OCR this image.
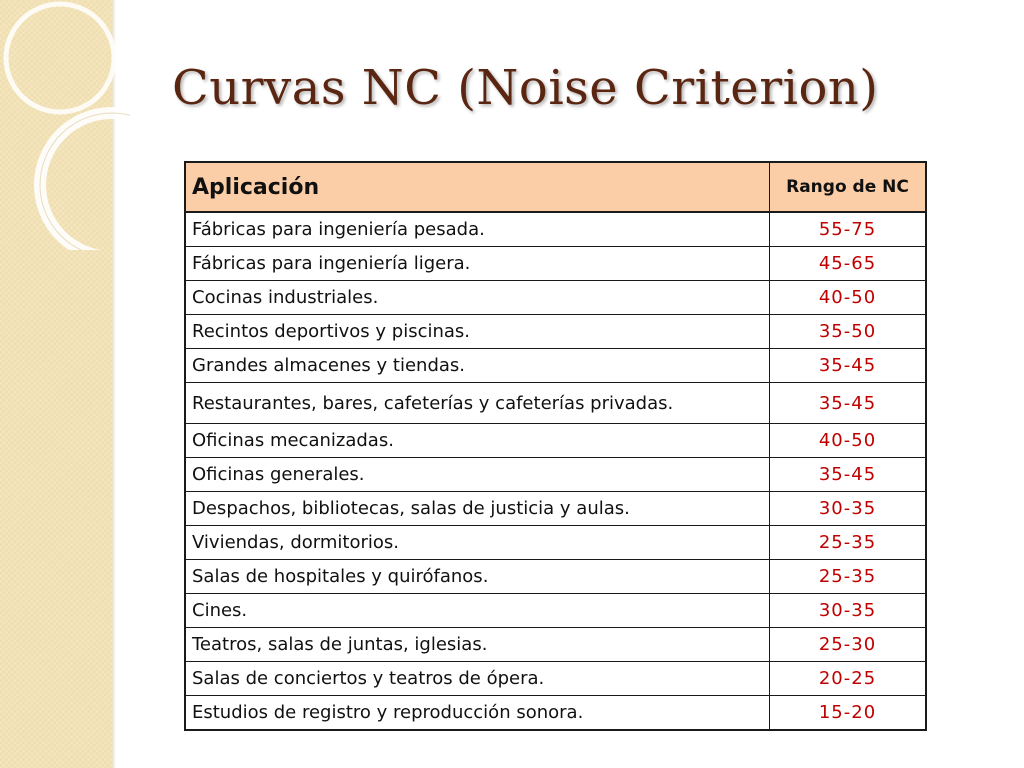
Curvas NC (Noise Criterion)
Aplicación	Rango de NC
Fábricas para ingeniería pesada.	55-75
Fábricas para ingeniería ligera.	45-65
Cocinas industriales.	40-50
Recintos deportivos y piscinas.	35-50
Grandes almacenes y tiendas.	35-45
Restaurantes, bares, cafeterías y cafeterías privadas.	35-45
Oficinas mecanizadas.	40-50
Oficinas generales.	35-45
Despachos, bibliotecas, salas de justicia y aulas.	30-35
Viviendas, dormitorios.	25-35
Salas de hospitales y quirófanos.	25-35
Cines.	30-35
Teatros, salas de juntas, iglesias.	25-30
Salas de conciertos y teatros de ópera.	20-25
Estudios de registro y reproducción sonora.	15-20
